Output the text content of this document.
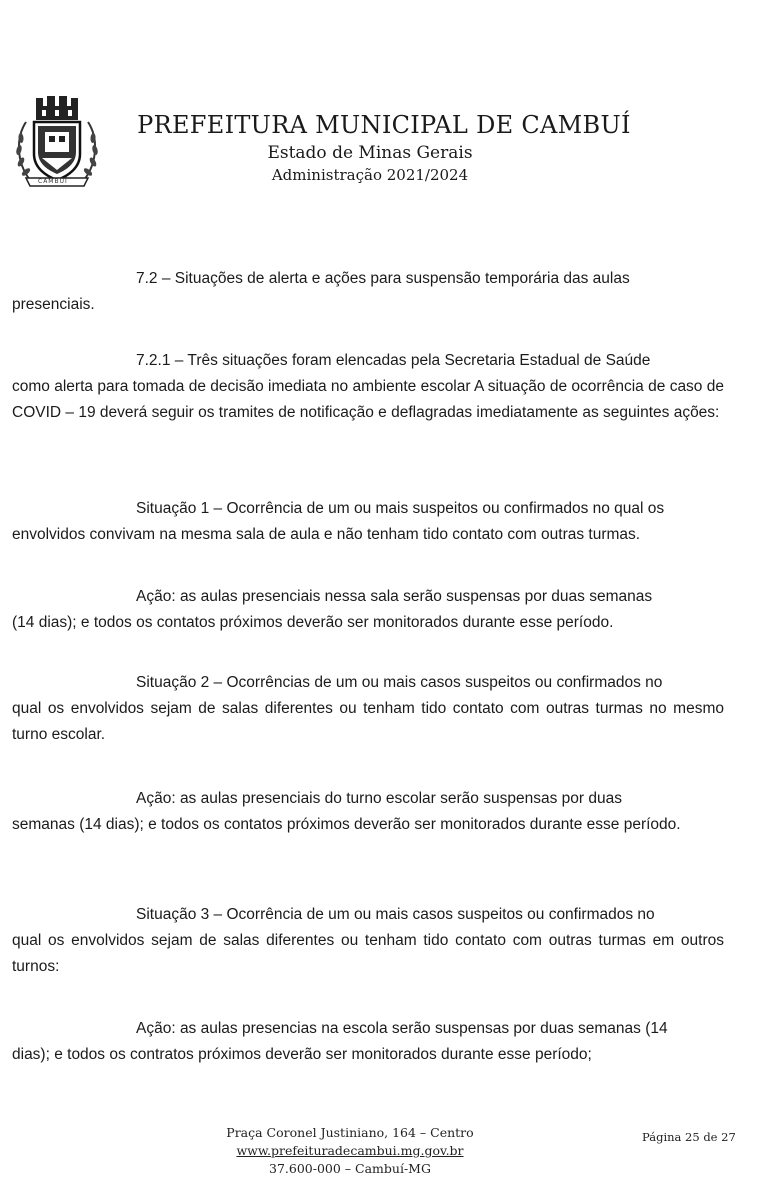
CAMBUÍ
PREFEITURA MUNICIPAL DE CAMBUÍ
Estado de Minas Gerais
Administração 2021/2024
7.2 – Situações de alerta e ações para suspensão temporária das aulas
presenciais.
7.2.1 – Três situações foram elencadas pela Secretaria Estadual de Saúde
como alerta para tomada de decisão imediata no ambiente escolar A situação de ocorrência de caso de COVID – 19 deverá seguir os tramites de notificação e deflagradas imediatamente as seguintes ações:
Situação 1 – Ocorrência de um ou mais suspeitos ou confirmados no qual os
envolvidos convivam na mesma sala de aula e não tenham tido contato com outras turmas.
Ação: as aulas presenciais nessa sala serão suspensas por duas semanas
(14 dias); e todos os contatos próximos deverão ser monitorados durante esse período.
Situação 2 – Ocorrências de um ou mais casos suspeitos ou confirmados no
qual os envolvidos sejam de salas diferentes ou tenham tido contato com outras turmas no mesmo turno escolar.
Ação: as aulas presenciais do turno escolar serão suspensas por duas
semanas (14 dias); e todos os contatos próximos deverão ser monitorados durante esse período.
Situação 3 – Ocorrência de um ou mais casos suspeitos ou confirmados no
qual os envolvidos sejam de salas diferentes ou tenham tido contato com outras turmas em outros turnos:
Ação: as aulas presencias na escola serão suspensas por duas semanas (14
dias); e todos os contratos próximos deverão ser monitorados durante esse período;
Praça Coronel Justiniano, 164 – Centro
www.prefeituradecambui.mg.gov.br
37.600-000 – Cambuí-MG
Página 25 de 27
